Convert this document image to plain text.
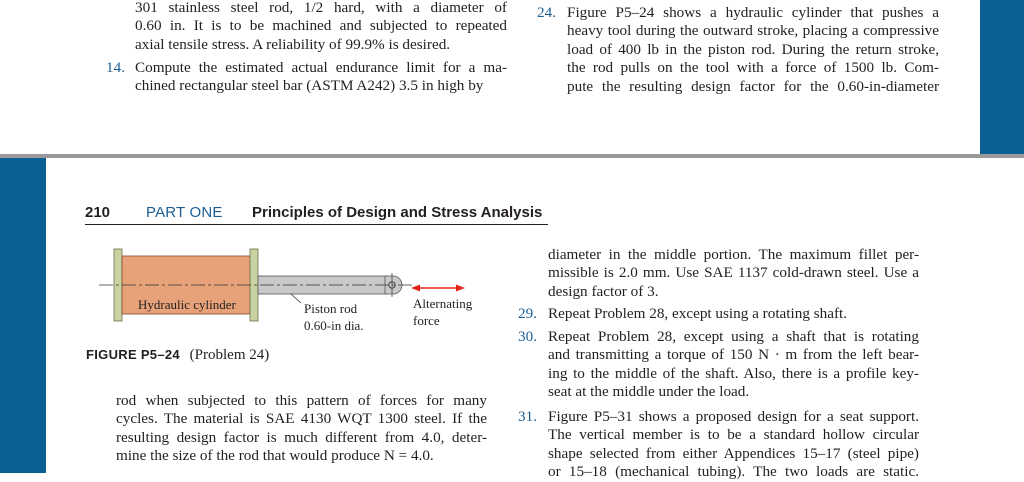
301 stainless steel rod, 1/2 hard, with a diameter of
0.60 in. It is to be machined and subjected to repeated
axial tensile stress. A reliability of 99.9% is desired.
14. Compute the estimated actual endurance limit for a ma-
chined rectangular steel bar (ASTM A242) 3.5 in high by
24. Figure P5–24 shows a hydraulic cylinder that pushes a
heavy tool during the outward stroke, placing a compressive
load of 400 lb in the piston rod. During the return stroke,
the rod pulls on the tool with a force of 1500 lb. Com-
pute the resulting design factor for the 0.60-in-diameter
210 PART ONE Principles of Design and Stress Analysis
Hydraulic cylinder	Piston rod
0.60-in dia.
Alternating
force
FIGURE P5–24 (Problem 24)
rod when subjected to this pattern of forces for many
cycles. The material is SAE 4130 WQT 1300 steel. If the
resulting design factor is much different from 4.0, deter-
mine the size of the rod that would produce N = 4.0.
diameter in the middle portion. The maximum fillet per-
missible is 2.0 mm. Use SAE 1137 cold-drawn steel. Use a
design factor of 3.
29. Repeat Problem 28, except using a rotating shaft.
30. Repeat Problem 28, except using a shaft that is rotating
and transmitting a torque of 150 N · m from the left bear-
ing to the middle of the shaft. Also, there is a profile key-
seat at the middle under the load.
31. Figure P5–31 shows a proposed design for a seat support.
The vertical member is to be a standard hollow circular
shape selected from either Appendices 15–17 (steel pipe)
or 15–18 (mechanical tubing). The two loads are static.
